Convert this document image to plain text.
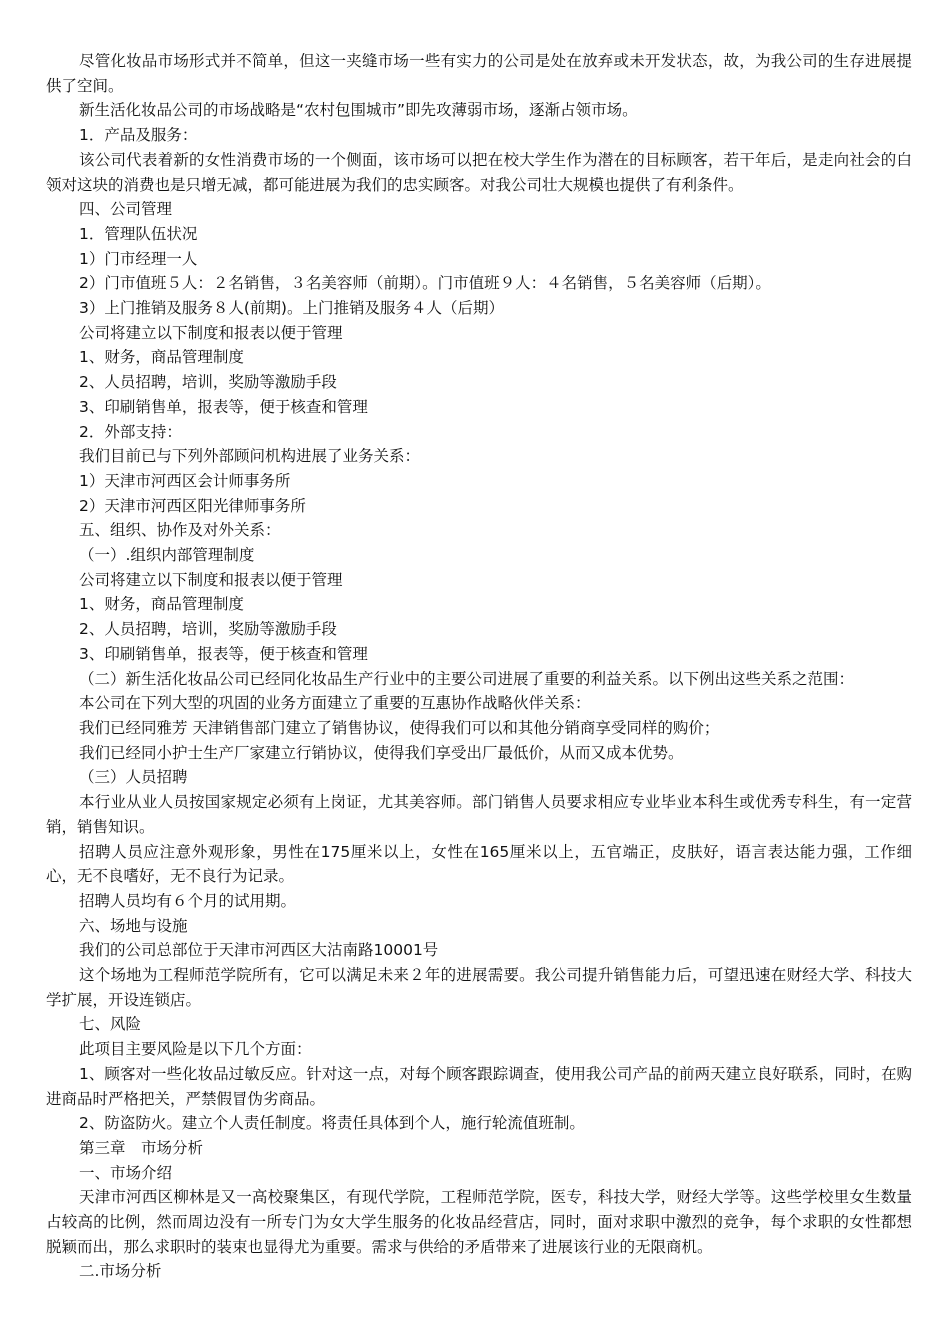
尽管化妆品市场形式并不简单，但这一夹缝市场一些有实力的公司是处在放弃或未开发状态，故，为我公司的生存进展提供了空间。

新生活化妆品公司的市场战略是“农村包围城市”即先攻薄弱市场，逐渐占领市场。

1．产品及服务：

该公司代表着新的女性消费市场的一个侧面，该市场可以把在校大学生作为潜在的目标顾客，若干年后，是走向社会的白领对这块的消费也是只增无减，都可能进展为我们的忠实顾客。对我公司壮大规模也提供了有利条件。

四、公司管理

1．管理队伍状况

1）门市经理一人

2）门市值班５人：２名销售，３名美容师（前期）。门市值班９人：４名销售，５名美容师（后期）。

3）上门推销及服务８人(前期)。上门推销及服务４人（后期）

公司将建立以下制度和报表以便于管理

1、财务，商品管理制度

2、人员招聘，培训，奖励等激励手段

3、印刷销售单，报表等，便于核查和管理

2．外部支持：

我们目前已与下列外部顾问机构进展了业务关系：

1）天津市河西区会计师事务所

2）天津市河西区阳光律师事务所

五、组织、协作及对外关系：

（一）.组织内部管理制度

公司将建立以下制度和报表以便于管理

1、财务，商品管理制度

2、人员招聘，培训，奖励等激励手段

3、印刷销售单，报表等，便于核查和管理

（二）新生活化妆品公司已经同化妆品生产行业中的主要公司进展了重要的利益关系。以下例出这些关系之范围：

本公司在下列大型的巩固的业务方面建立了重要的互惠协作战略伙伴关系：

我们已经同雅芳 天津销售部门建立了销售协议，使得我们可以和其他分销商享受同样的购价；

我们已经同小护士生产厂家建立行销协议，使得我们享受出厂最低价，从而又成本优势。

（三）人员招聘

本行业从业人员按国家规定必须有上岗证，尤其美容师。部门销售人员要求相应专业毕业本科生或优秀专科生，有一定营销，销售知识。

招聘人员应注意外观形象，男性在175厘米以上，女性在165厘米以上，五官端正，皮肤好，语言表达能力强，工作细心，无不良嗜好，无不良行为记录。

招聘人员均有６个月的试用期。

六、场地与设施

我们的公司总部位于天津市河西区大沽南路10001号

这个场地为工程师范学院所有，它可以满足未来２年的进展需要。我公司提升销售能力后，可望迅速在财经大学、科技大学扩展，开设连锁店。

七、风险

此项目主要风险是以下几个方面：

1、顾客对一些化妆品过敏反应。针对这一点，对每个顾客跟踪调查，使用我公司产品的前两天建立良好联系，同时，在购进商品时严格把关，严禁假冒伪劣商品。

2、防盗防火。建立个人责任制度。将责任具体到个人，施行轮流值班制。

第三章　市场分析

一、市场介绍

天津市河西区柳林是又一高校聚集区，有现代学院，工程师范学院，医专，科技大学，财经大学等。这些学校里女生数量占较高的比例，然而周边没有一所专门为女大学生服务的化妆品经营店，同时，面对求职中激烈的竞争，每个求职的女性都想脱颖而出，那么求职时的装束也显得尤为重要。需求与供给的矛盾带来了进展该行业的无限商机。

二.市场分析
